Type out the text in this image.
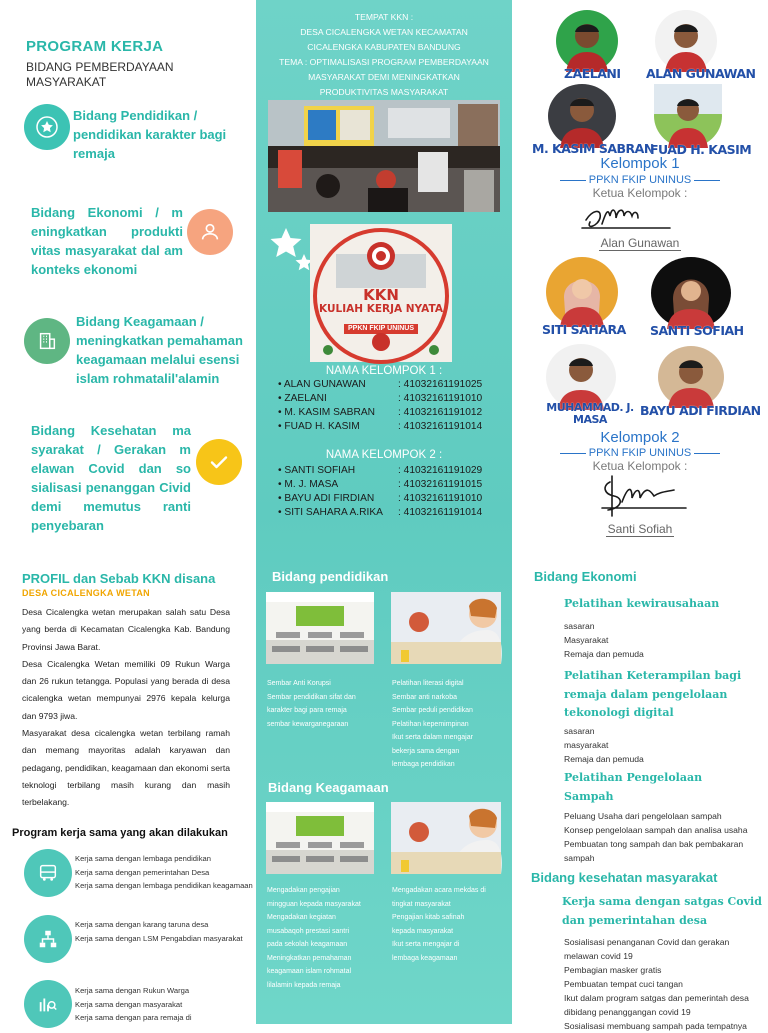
PROGRAM KERJA
BIDANG PEMBERDAYAAN MASYARAKAT
Bidang Pendidikan / pendidikan karakter bagi remaja
Bidang Ekonomi / m eningkatkan produkti vitas masyarakat dal am konteks ekonomi
Bidang Keagamaan / meningkatkan pemahaman keagamaan melalui esensi islam rohmatalil'alamin
Bidang Kesehatan ma syarakat / Gerakan m elawan Covid dan so sialisasi penanggan Civid demi memutus ranti penyebaran
PROFIL dan Sebab KKN disana
DESA CICALENGKA WETAN

Desa Cicalengka wetan merupakan salah satu Desa yang berda di Kecamatan Cicalengka Kab. Bandung Provinsi Jawa Barat.

Desa Cicalengka Wetan memiliki 09 Rukun Warga dan 26 rukun tetangga. Populasi yang berada di desa cicalengka wetan mempunyai 2976 kepala kelurga dan 9793 jiwa.

Masyarakat desa cicalengka wetan terbilang ramah dan memang mayoritas adalah karyawan dan pedagang, pendidikan, keagamaan dan ekonomi serta teknologi terbilang masih kurang dan masih terbelakang.

Program kerja sama yang akan dilakukan
Kerja sama dengan lembaga pendidikan
Kerja sama dengan pemerintahan Desa
Kerja sama dengan lembaga pendidikan keagamaan
Kerja sama dengan karang taruna desa
Kerja sama dengan LSM Pengabdian masyarakat
Kerja sama dengan Rukun Warga
Kerja sama dengan masyarakat
Kerja sama dengan para remaja di
TEMPAT KKN :
DESA CICALENGKA WETAN KECAMATAN
CICALENGKA KABUPATEN BANDUNG
TEMA : OPTIMALISASI PROGRAM PEMBERDAYAAN
MASYARAKAT DEMI MENINGKATKAN
PRODUKTIVITAS MASYARAKAT
KKN
KULIAH KERJA NYATA
PPKN FKIP UNINUS
NAMA KELOMPOK 1 :
• ALAN GUNAWAN	: 41032161191025
• ZAELANI	: 41032161191010
• M. KASIM SABRAN : 41032161191012
• FUAD H. KASIM	: 41032161191014
NAMA KELOMPOK 2 :
• SANTI SOFIAH	: 41032161191029
• M. J. MASA	: 41032161191015
• BAYU ADI FIRDIAN : 41032161191010
• SITI SAHARA A.RIKA : 41032161191014
Bidang pendidikan
Sembar Anti Korupsi
Sembar pendidikan sifat dan
karakter bagi para remaja
sembar kewarganegaraan
Pelatihan literasi digital
Sembar anti narkoba
Sembar peduli pendidikan
Pelatihan kepemimpinan
Ikut serta dalam mengajar
bekerja sama dengan
lembaga pendidikan
Bidang Keagamaan
Mengadakan pengajian
mingguan kepada masyarakat
Mengadakan kegiatan
musabaqoh prestasi santri
pada sekolah keagamaan
Meningkatkan pemahaman
keagamaan islam rohmatal
lilalamin kepada remaja
Mengadakan acara mekdas di
tingkat masyarakat
Pengajian kitab safinah
kepada masyarakat
Ikut serta mengajar di
lembaga keagamaan
ZAELANI ALAN GUNAWAN
M. KASIM SABRAN
FUAD H. KASIM
Kelompok 1
PPKN FKIP UNINUS
Ketua Kelompok :
Alan Gunawan
SITI SAHARA SANTI SOFIAH
MUHAMMAD. J. MASA
BAYU ADI FIRDIAN
Kelompok 2
PPKN FKIP UNINUS
Ketua Kelompok :
Santi Sofiah
Bidang Ekonomi
Pelatihan kewirausahaan
sasaran
Masyarakat
Remaja dan pemuda
Pelatihan Keterampilan bagi remaja dalam pengelolaan tekonologi digital
sasaran
masyarakat
Remaja dan pemuda
Pelatihan Pengelolaan Sampah
Peluang Usaha dari pengelolaan sampah
Konsep pengelolaan sampah dan analisa usaha
Pembuatan tong sampah dan bak pembakaran sampah
Bidang kesehatan masyarakat
Kerja sama dengan satgas Covid dan pemerintahan desa
Sosialisasi penanganan Covid dan gerakan melawan covid 19
Pembagian masker gratis
Pembuatan tempat cuci tangan
Ikut dalam program satgas dan pemerintah desa dibidang penanggangan covid 19
Sosialisasi membuang sampah pada tempatnya
